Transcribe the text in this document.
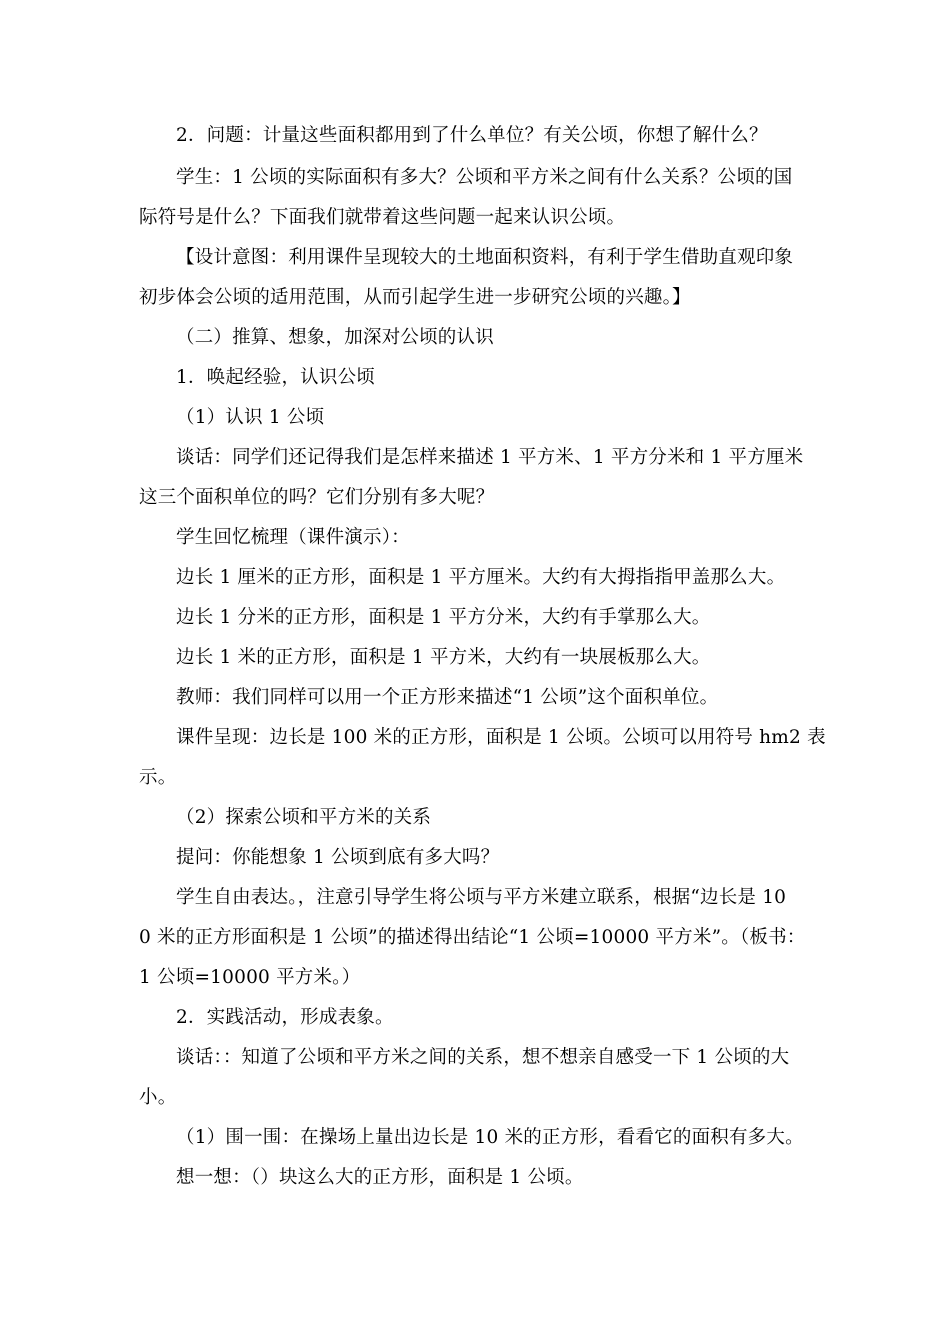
2．问题：计量这些面积都用到了什么单位？有关公顷，你想了解什么？
学生：1 公顷的实际面积有多大？公顷和平方米之间有什么关系？公顷的国
际符号是什么？下面我们就带着这些问题一起来认识公顷。
【设计意图：利用课件呈现较大的土地面积资料，有利于学生借助直观印象
初步体会公顷的适用范围，从而引起学生进一步研究公顷的兴趣。】
（二）推算、想象，加深对公顷的认识
1．唤起经验，认识公顷
（1）认识 1 公顷
谈话：同学们还记得我们是怎样来描述 1 平方米、1 平方分米和 1 平方厘米
这三个面积单位的吗？它们分别有多大呢？
学生回忆梳理（课件演示）：
边长 1 厘米的正方形，面积是 1 平方厘米。大约有大拇指指甲盖那么大。
边长 1 分米的正方形，面积是 1 平方分米，大约有手掌那么大。
边长 1 米的正方形，面积是 1 平方米，大约有一块展板那么大。
教师：我们同样可以用一个正方形来描述“1 公顷”这个面积单位。
课件呈现：边长是 100 米的正方形，面积是 1 公顷。公顷可以用符号 hm2 表
示。
（2）探索公顷和平方米的关系
提问：你能想象 1 公顷到底有多大吗？
学生自由表达。，注意引导学生将公顷与平方米建立联系，根据“边长是 10
0 米的正方形面积是 1 公顷”的描述得出结论“1 公顷=10000 平方米”。（板书：
1 公顷=10000 平方米。）
2．实践活动，形成表象。
谈话：：知道了公顷和平方米之间的关系，想不想亲自感受一下 1 公顷的大
小。
（1）围一围：在操场上量出边长是 10 米的正方形，看看它的面积有多大。
想一想：（）块这么大的正方形，面积是 1 公顷。
